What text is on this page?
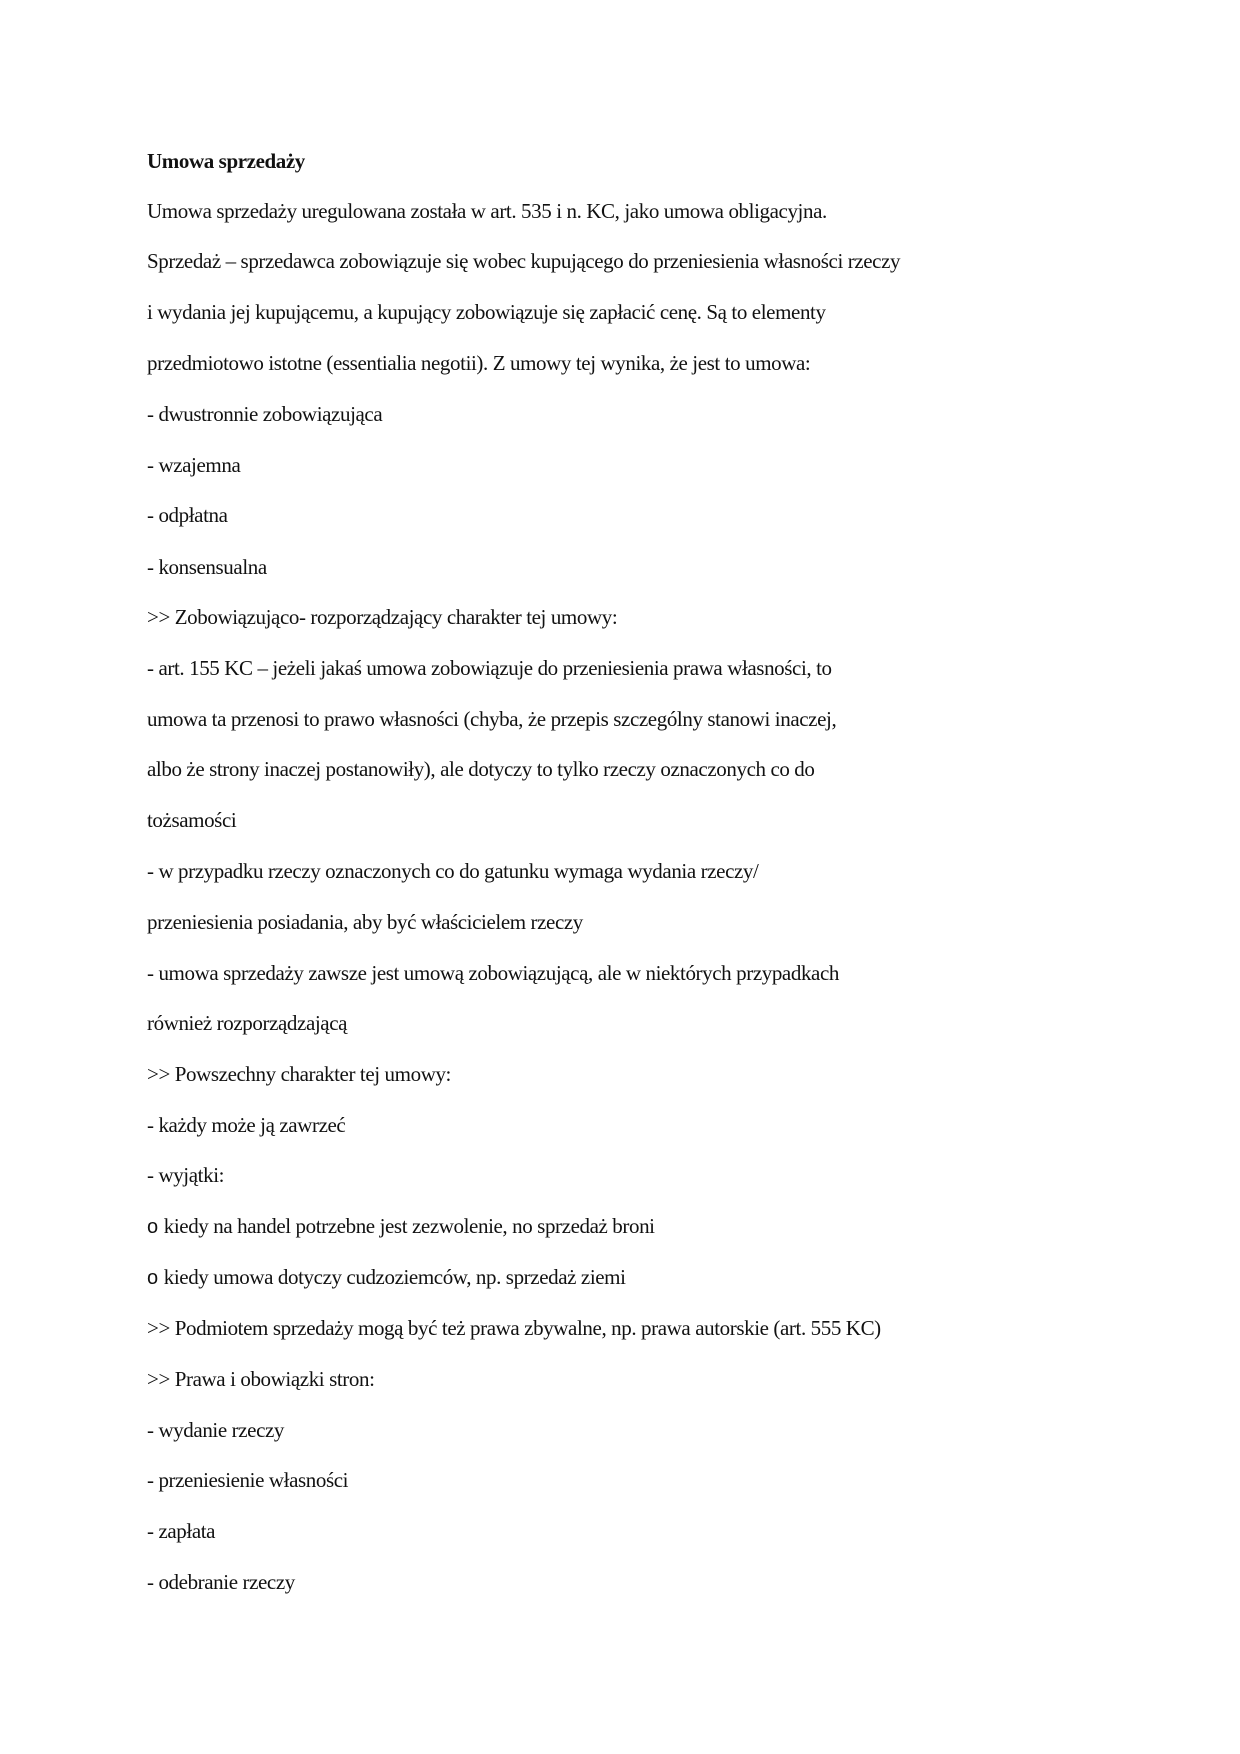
Umowa sprzedaży
Umowa sprzedaży uregulowana została w art. 535 i n. KC, jako umowa obligacyjna.
Sprzedaż – sprzedawca zobowiązuje się wobec kupującego do przeniesienia własności rzeczy
i wydania jej kupującemu, a kupujący zobowiązuje się zapłacić cenę. Są to elementy
przedmiotowo istotne (essentialia negotii). Z umowy tej wynika, że jest to umowa:
- dwustronnie zobowiązująca
- wzajemna
- odpłatna
- konsensualna
>> Zobowiązująco- rozporządzający charakter tej umowy:
- art. 155 KC – jeżeli jakaś umowa zobowiązuje do przeniesienia prawa własności, to
umowa ta przenosi to prawo własności (chyba, że przepis szczególny stanowi inaczej,
albo że strony inaczej postanowiły), ale dotyczy to tylko rzeczy oznaczonych co do
tożsamości
- w przypadku rzeczy oznaczonych co do gatunku wymaga wydania rzeczy/
przeniesienia posiadania, aby być właścicielem rzeczy
- umowa sprzedaży zawsze jest umową zobowiązującą, ale w niektórych przypadkach
również rozporządzającą
>> Powszechny charakter tej umowy:
- każdy może ją zawrzeć
- wyjątki:
o kiedy na handel potrzebne jest zezwolenie, no sprzedaż broni
o kiedy umowa dotyczy cudzoziemców, np. sprzedaż ziemi
>> Podmiotem sprzedaży mogą być też prawa zbywalne, np. prawa autorskie (art. 555 KC)
>> Prawa i obowiązki stron:
- wydanie rzeczy
- przeniesienie własności
- zapłata
- odebranie rzeczy
